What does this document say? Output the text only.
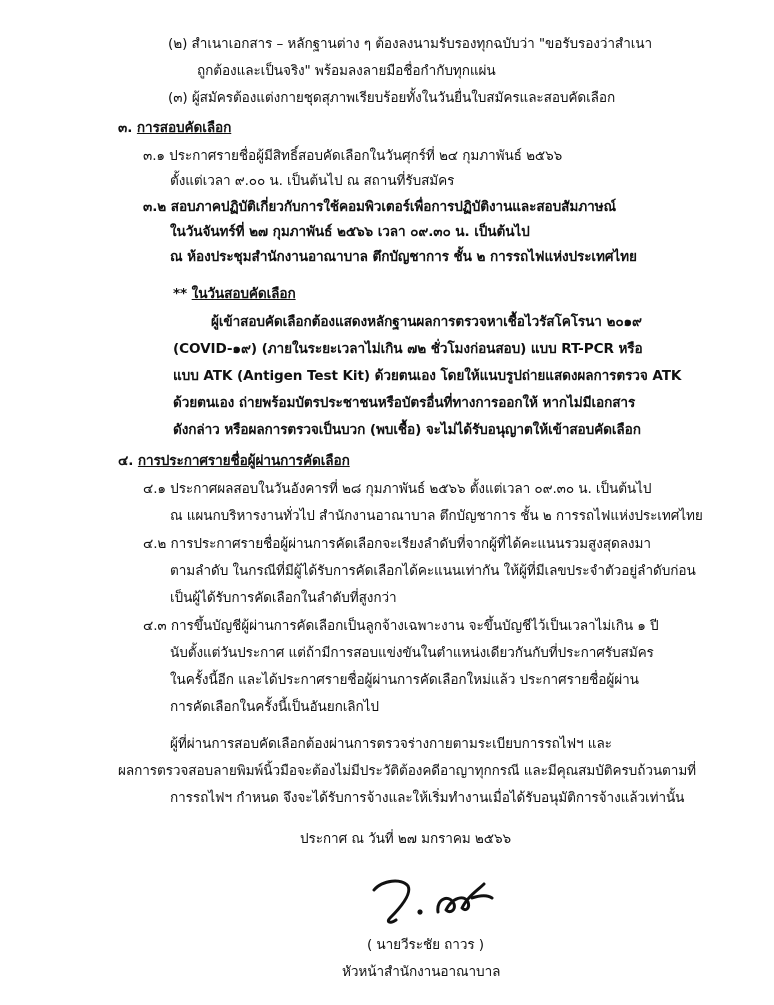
(๒) สำเนาเอกสาร – หลักฐานต่าง ๆ ต้องลงนามรับรองทุกฉบับว่า "ขอรับรองว่าสำเนา
ถูกต้องและเป็นจริง" พร้อมลงลายมือชื่อกำกับทุกแผ่น
(๓) ผู้สมัครต้องแต่งกายชุดสุภาพเรียบร้อยทั้งในวันยื่นใบสมัครและสอบคัดเลือก
๓. การสอบคัดเลือก
๓.๑ ประกาศรายชื่อผู้มีสิทธิ์สอบคัดเลือกในวันศุกร์ที่ ๒๔ กุมภาพันธ์ ๒๕๖๖
ตั้งแต่เวลา ๙.๐๐ น. เป็นต้นไป ณ สถานที่รับสมัคร
๓.๒ สอบภาคปฏิบัติเกี่ยวกับการใช้คอมพิวเตอร์เพื่อการปฏิบัติงานและสอบสัมภาษณ์
ในวันจันทร์ที่ ๒๗ กุมภาพันธ์ ๒๕๖๖ เวลา ๐๙.๓๐ น. เป็นต้นไป
ณ ห้องประชุมสำนักงานอาณาบาล ตึกบัญชาการ ชั้น ๒ การรถไฟแห่งประเทศไทย
** ในวันสอบคัดเลือก
ผู้เข้าสอบคัดเลือกต้องแสดงหลักฐานผลการตรวจหาเชื้อไวรัสโคโรนา ๒๐๑๙
(COVID-๑๙) (ภายในระยะเวลาไม่เกิน ๗๒ ชั่วโมงก่อนสอบ) แบบ RT-PCR หรือ
แบบ ATK (Antigen Test Kit) ด้วยตนเอง โดยให้แนบรูปถ่ายแสดงผลการตรวจ ATK
ด้วยตนเอง ถ่ายพร้อมบัตรประชาชนหรือบัตรอื่นที่ทางการออกให้ หากไม่มีเอกสาร
ดังกล่าว หรือผลการตรวจเป็นบวก (พบเชื้อ) จะไม่ได้รับอนุญาตให้เข้าสอบคัดเลือก
๔. การประกาศรายชื่อผู้ผ่านการคัดเลือก
๔.๑ ประกาศผลสอบในวันอังคารที่ ๒๘ กุมภาพันธ์ ๒๕๖๖ ตั้งแต่เวลา ๐๙.๓๐ น. เป็นต้นไป
ณ แผนกบริหารงานทั่วไป สำนักงานอาณาบาล ตึกบัญชาการ ชั้น ๒ การรถไฟแห่งประเทศไทย
๔.๒ การประกาศรายชื่อผู้ผ่านการคัดเลือกจะเรียงลำดับที่จากผู้ที่ได้คะแนนรวมสูงสุดลงมา
ตามลำดับ ในกรณีที่มีผู้ได้รับการคัดเลือกได้คะแนนเท่ากัน ให้ผู้ที่มีเลขประจำตัวอยู่ลำดับก่อน
เป็นผู้ได้รับการคัดเลือกในลำดับที่สูงกว่า
๔.๓ การขึ้นบัญชีผู้ผ่านการคัดเลือกเป็นลูกจ้างเฉพาะงาน จะขึ้นบัญชีไว้เป็นเวลาไม่เกิน ๑ ปี
นับตั้งแต่วันประกาศ แต่ถ้ามีการสอบแข่งขันในตำแหน่งเดียวกันกับที่ประกาศรับสมัคร
ในครั้งนี้อีก และได้ประกาศรายชื่อผู้ผ่านการคัดเลือกใหม่แล้ว ประกาศรายชื่อผู้ผ่าน
การคัดเลือกในครั้งนี้เป็นอันยกเลิกไป
ผู้ที่ผ่านการสอบคัดเลือกต้องผ่านการตรวจร่างกายตามระเบียบการรถไฟฯ และ
ผลการตรวจสอบลายพิมพ์นิ้วมือจะต้องไม่มีประวัติต้องคดีอาญาทุกกรณี และมีคุณสมบัติครบถ้วนตามที่
การรถไฟฯ กำหนด จึงจะได้รับการจ้างและให้เริ่มทำงานเมื่อได้รับอนุมัติการจ้างแล้วเท่านั้น
ประกาศ ณ วันที่ ๒๗ มกราคม ๒๕๖๖
( นายวีระชัย ถาวร )
หัวหน้าสำนักงานอาณาบาล
